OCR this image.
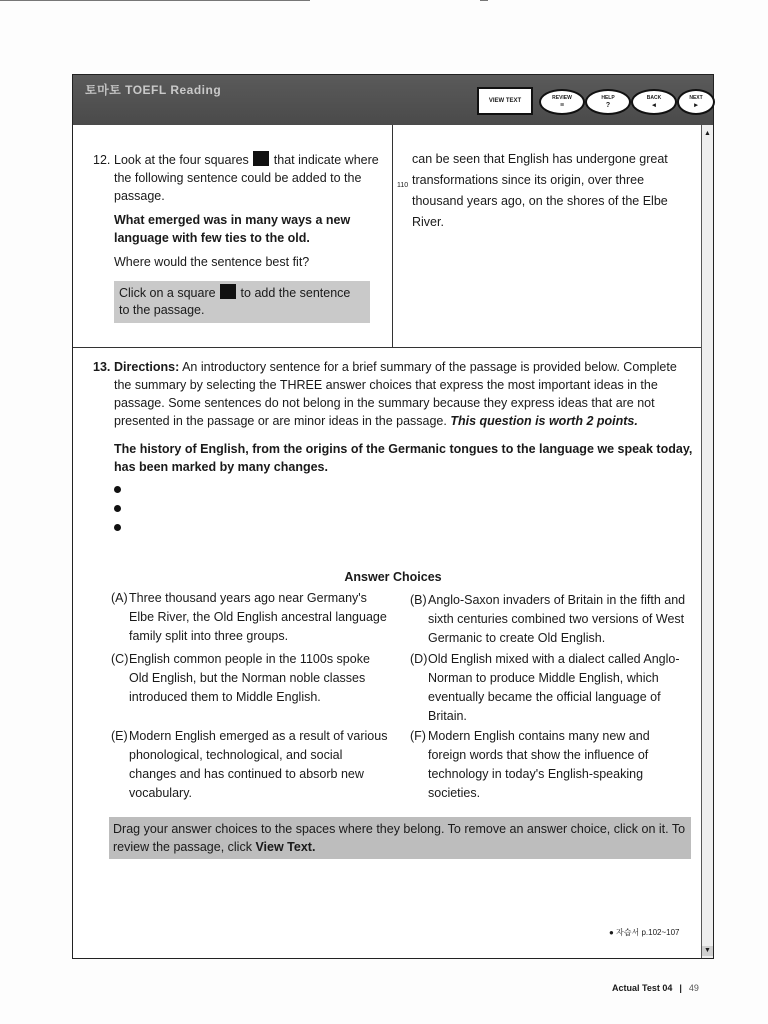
토마토 TOEFL Reading
VIEW TEXT	REVIEW
≡
HELP
?
BACK
◂
NEXT
▸
12. Look at the four squares that indicate where the following sentence could be added to the passage.

What emerged was in many ways a new language with few ties to the old.

Where would the sentence best fit?

Click on a square to add the sentence to the passage.
can be seen that English has undergone great
110 transformations since its origin, over three
thousand years ago, on the shores of the Elbe
River.
13. Directions: An introductory sentence for a brief summary of the passage is provided below. Complete the summary by selecting the THREE answer choices that express the most important ideas in the passage. Some sentences do not belong in the summary because they express ideas that are not presented in the passage or are minor ideas in the passage. This question is worth 2 points.

The history of English, from the origins of the Germanic tongues to the language we speak today, has been marked by many changes.

Answer Choices
(A) Three thousand years ago near Germany's Elbe River, the Old English ancestral language family split into three groups.
(B) Anglo-Saxon invaders of Britain in the fifth and sixth centuries combined two versions of West Germanic to create Old English.
(C) English common people in the 1100s spoke Old English, but the Norman noble classes introduced them to Middle English.
(D) Old English mixed with a dialect called Anglo-Norman to produce Middle English, which eventually became the official language of Britain.
(E) Modern English emerged as a result of various phonological, technological, and social changes and has continued to absorb new vocabulary.
(F) Modern English contains many new and foreign words that show the influence of technology in today's English-speaking societies.
Drag your answer choices to the spaces where they belong. To remove an answer choice, click on it. To review the passage, click View Text.
● 자습서 p.102~107
▲
▼
Actual Test 04 | 49
